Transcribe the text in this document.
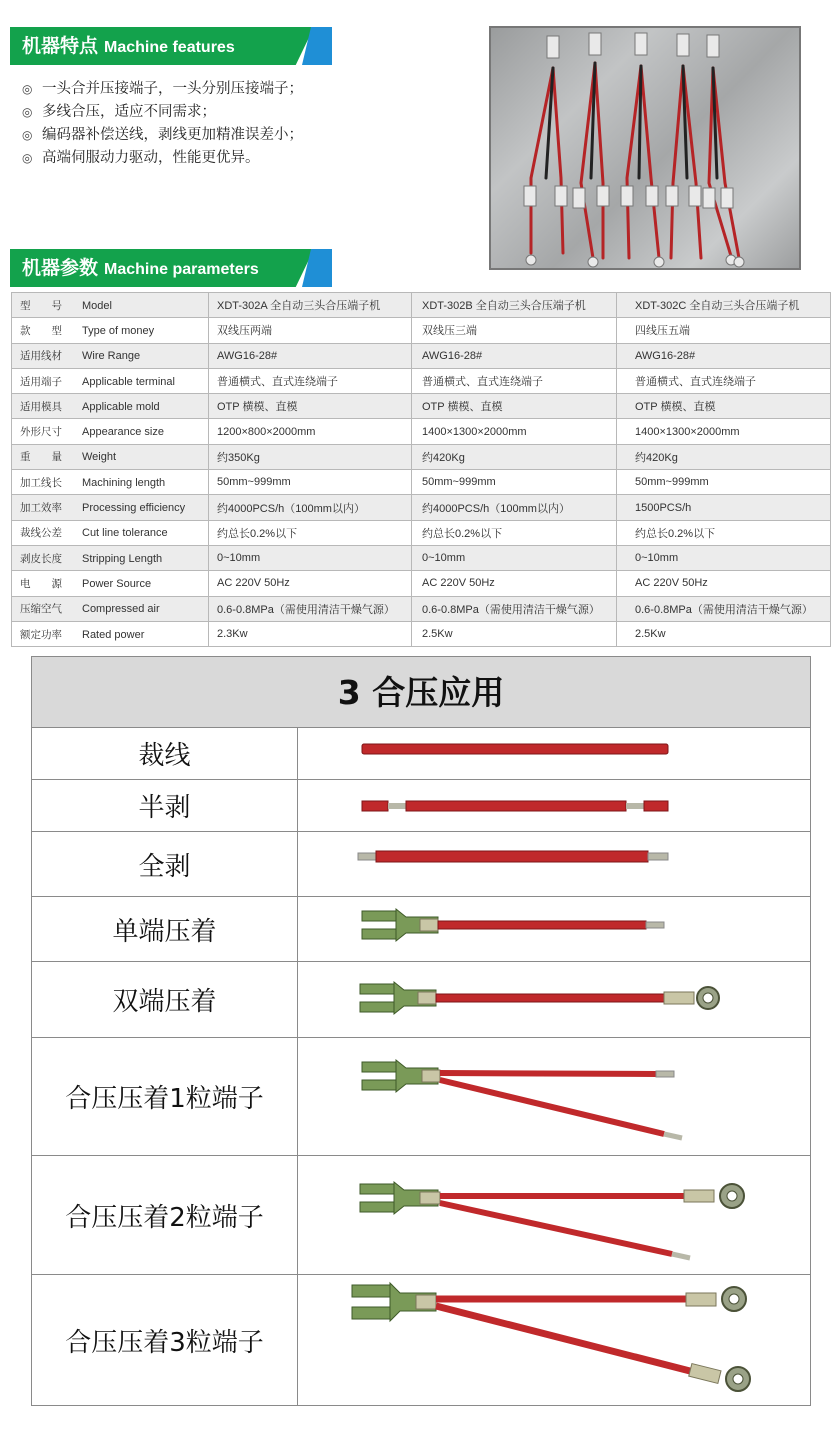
机器特点 Machine features
◎ 一头合并压接端子，一头分别压接端子；
◎ 多线合压，适应不同需求；
◎ 编码器补偿送线，剥线更加精准误差小；
◎ 高端伺服动力驱动，性能更优异。
机器参数 Machine parameters
型　　号 Model	XDT-302A 全自动三头合压端子机	XDT-302B 全自动三头合压端子机	XDT-302C 全自动三头合压端子机
款　　型 Type of money	双线压两端	双线压三端	四线压五端
适用线材 Wire Range	AWG16-28#	AWG16-28#	AWG16-28#
适用端子 Applicable terminal	普通横式、直式连绕端子	普通横式、直式连绕端子	普通横式、直式连绕端子
适用模具 Applicable mold	OTP 横模、直模	OTP 横模、直模	OTP 横模、直模
外形尺寸 Appearance size	1200×800×2000mm	1400×1300×2000mm	1400×1300×2000mm
重　　量 Weight	约350Kg	约420Kg	约420Kg
加工线长 Machining length	50mm~999mm	50mm~999mm	50mm~999mm
加工效率 Processing efficiency	约4000PCS/h（100mm以内）	约4000PCS/h（100mm以内）	1500PCS/h
裁线公差 Cut line tolerance	约总长0.2%以下	约总长0.2%以下	约总长0.2%以下
剥皮长度 Stripping Length	0~10mm	0~10mm	0~10mm
电　　源 Power Source	AC 220V 50Hz	AC 220V 50Hz	AC 220V 50Hz
压缩空气 Compressed air	0.6-0.8MPa（需使用清洁干燥气源）	0.6-0.8MPa（需使用清洁干燥气源）	0.6-0.8MPa（需使用清洁干燥气源）
额定功率 Rated power	2.3Kw	2.5Kw	2.5Kw
3 合压应用
裁线
半剥
全剥
单端压着
双端压着
合压压着1粒端子
合压压着2粒端子
合压压着3粒端子
